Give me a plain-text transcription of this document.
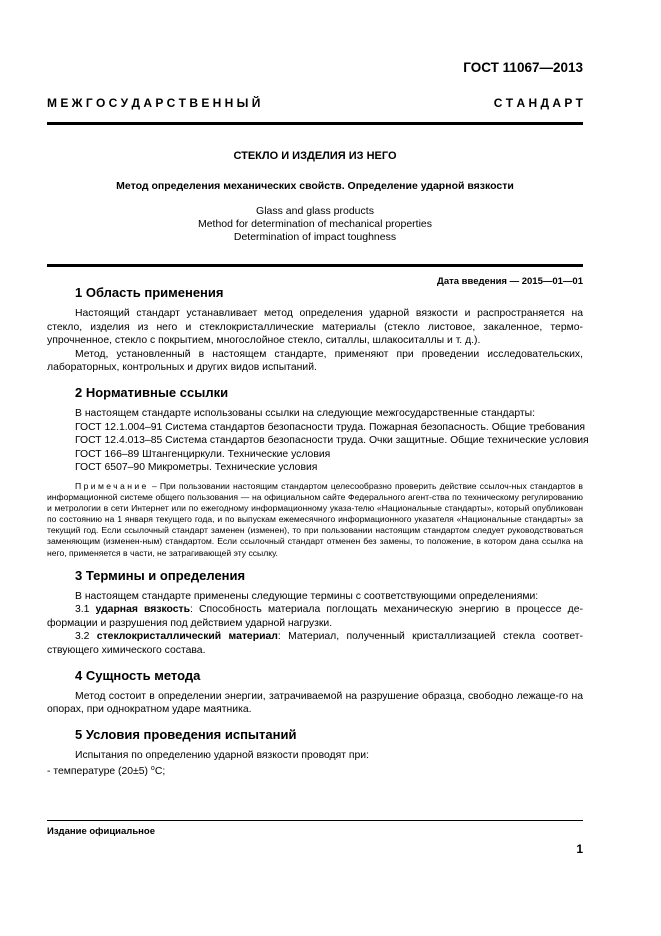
ГОСТ 11067—2013
М Е Ж Г О С У Д А Р С Т В Е Н Н Ы Й	С Т А Н Д А Р Т
СТЕКЛО И ИЗДЕЛИЯ ИЗ НЕГО
Метод определения механических свойств. Определение ударной вязкости
Glass and glass products
Method for determination of mechanical properties
Determination of impact toughness
Дата введения — 2015—01—01
1 Область применения

Настоящий стандарт устанавливает метод определения ударной вязкости и распространяется на стекло, изделия из него и стеклокристаллические материалы (стекло листовое, закаленное, термо-упрочненное, стекло с покрытием, многослойное стекло, ситаллы, шлакоситаллы и т. д.).

Метод, установленный в настоящем стандарте, применяют при проведении исследовательских, лабораторных, контрольных и других видов испытаний.

2 Нормативные ссылки

В настоящем стандарте использованы ссылки на следующие межгосударственные стандарты:

ГОСТ 12.1.004–91 Система стандартов безопасности труда. Пожарная безопасность. Общие требования

ГОСТ 12.4.013–85 Система стандартов безопасности труда. Очки защитные. Общие технические условия

ГОСТ 166–89 Штангенциркули. Технические условия

ГОСТ 6507–90 Микрометры. Технические условия

Примечание – При пользовании настоящим стандартом целесообразно проверить действие ссылоч-ных стандартов в информационной системе общего пользования — на официальном сайте Федерального агент-ства по техническому регулированию и метрологии в сети Интернет или по ежегодному информационному указа-телю «Национальные стандарты», который опубликован по состоянию на 1 января текущего года, и по выпускам ежемесячного информационного указателя «Национальные стандарты» за текущий год. Если ссылочный стандарт заменен (изменен), то при пользовании настоящим стандартом следует руководствоваться заменяющим (изменен-ным) стандартом. Если ссылочный стандарт отменен без замены, то положение, в котором дана ссылка на него, применяется в части, не затрагивающей эту ссылку.

3 Термины и определения

В настоящем стандарте применены следующие термины с соответствующими определениями:

3.1 ударная вязкость: Способность материала поглощать механическую энергию в процессе де-формации и разрушения под действием ударной нагрузки.

3.2 стеклокристаллический материал: Материал, полученный кристаллизацией стекла соответ-ствующего химического состава.

4 Сущность метода

Метод состоит в определении энергии, затрачиваемой на разрушение образца, свободно лежаще-го на опорах, при однократном ударе маятника.

5 Условия проведения испытаний

Испытания по определению ударной вязкости проводят при:

- температуре (20±5) $^o$С;

Издание официальное
1
